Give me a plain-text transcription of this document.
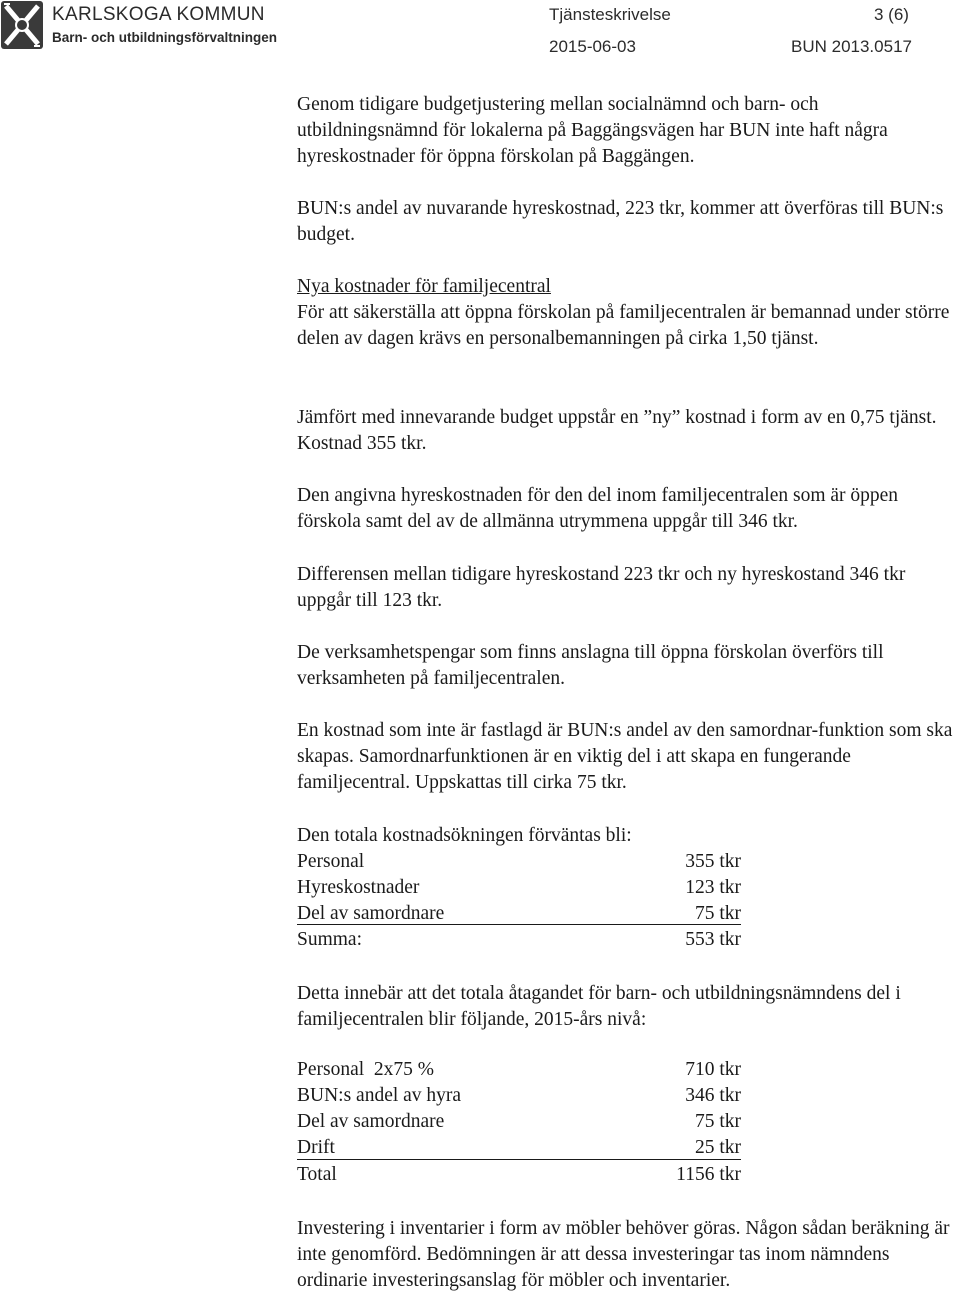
KARLSKOGA KOMMUN
Barn- och utbildningsförvaltningen
Tjänsteskrivelse	3 (6)
2015-06-03	BUN 2013.0517

Genom tidigare budgetjustering mellan socialnämnd och barn- och utbildningsnämnd för lokalerna på Baggängsvägen har BUN inte haft några hyreskostnader för öppna förskolan på Baggängen.

BUN:s andel av nuvarande hyreskostnad, 223 tkr, kommer att överföras till BUN:s budget.

Nya kostnader för familjecentral

För att säkerställa att öppna förskolan på familjecentralen är bemannad under större delen av dagen krävs en personalbemanningen på cirka 1,50 tjänst.

Jämfört med innevarande budget uppstår en ”ny” kostnad i form av en 0,75 tjänst. Kostnad 355 tkr.

Den angivna hyreskostnaden för den del inom familjecentralen som är öppen förskola samt del av de allmänna utrymmena uppgår till 346 tkr.

Differensen mellan tidigare hyreskostand 223 tkr och ny hyreskostand 346 tkr uppgår till 123 tkr.

De verksamhetspengar som finns anslagna till öppna förskolan överförs till verksamheten på familjecentralen.

En kostnad som inte är fastlagd är BUN:s andel av den samordnar-funktion som ska skapas. Samordnarfunktionen är en viktig del i att skapa en fungerande familjecentral. Uppskattas till cirka 75 tkr.

Den totala kostnadsökningen förväntas bli:

Personal	355 tkr
Hyreskostnader	123 tkr
Del av samordnare	75 tkr
Summa:	553 tkr

Detta innebär att det totala åtagandet för barn- och utbildningsnämndens del i familjecentralen blir följande, 2015-års nivå:

Personal  2x75 %	710 tkr
BUN:s andel av hyra	346 tkr
Del av samordnare	75 tkr
Drift	25 tkr
Total	1156 tkr

Investering i inventarier i form av möbler behöver göras. Någon sådan beräkning är inte genomförd. Bedömningen är att dessa investeringar tas inom nämndens ordinarie investeringsanslag för möbler och inventarier.
